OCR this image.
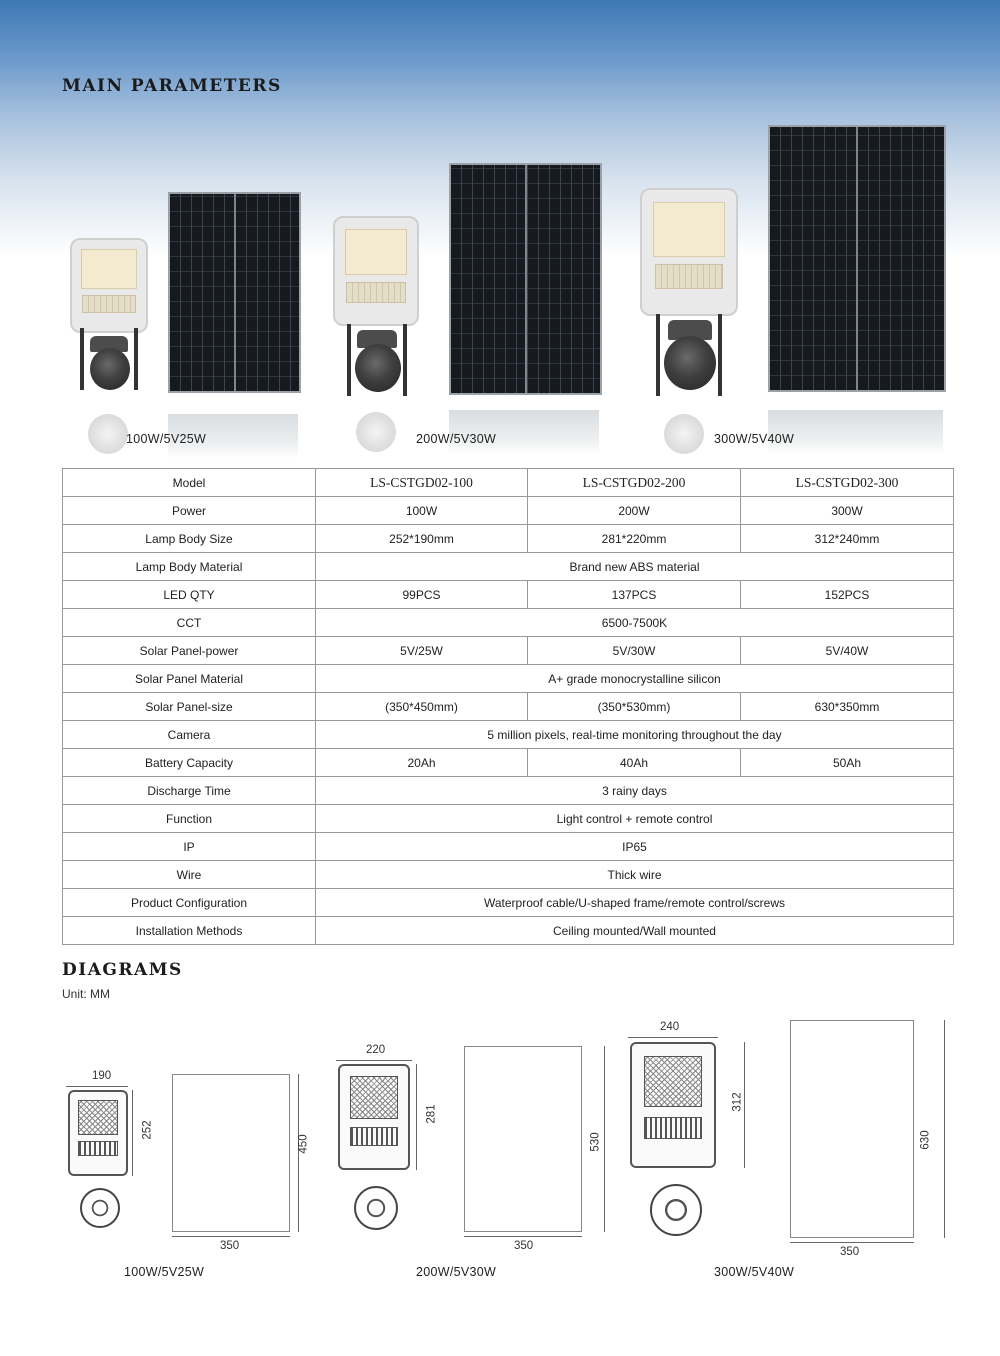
MAIN PARAMETERS
100W/5V25W	200W/5V30W	300W/5V40W
Model	LS-CSTGD02-100	LS-CSTGD02-200	LS-CSTGD02-300
Power	100W	200W	300W
Lamp Body Size	252*190mm	281*220mm	312*240mm
Lamp Body Material	Brand new ABS material		
LED QTY	99PCS	137PCS	152PCS
CCT	6500-7500K		
Solar Panel-power	5V/25W	5V/30W	5V/40W
Solar Panel Material	A+ grade monocrystalline silicon		
Solar Panel-size	(350*450mm)	(350*530mm)	630*350mm
Camera	5 million pixels, real-time monitoring throughout the day		
Battery Capacity	20Ah	40Ah	50Ah
Discharge Time	3 rainy days		
Function	Light control + remote control		
IP	IP65		
Wire	Thick wire		
Product Configuration	Waterproof cable/U-shaped frame/remote control/screws		
Installation Methods	Ceiling mounted/Wall mounted		
DIAGRAMS
Unit: MM
190
252
450
350
100W/5V25W
220
281
530
350
200W/5V30W
240
312
630
350
300W/5V40W
